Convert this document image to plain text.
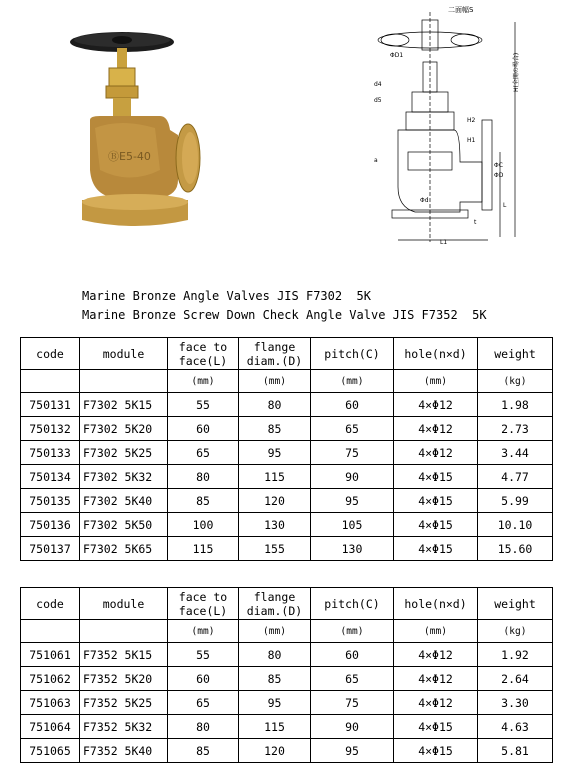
ⒷE5-40
二面幅S
ΦD1
d4
d5
a
H(全開の場合)
ΦC
ΦD
H2
H1
L
L1
t
Φd
Marine Bronze Angle Valves JIS F7302  5K
Marine Bronze Screw Down Check Angle Valve JIS F7352  5K
code	module	face to
face(L)	flange
diam.(D)	pitch(C)	hole(n×d)	weight
		(mm)	(mm)	(mm)	(mm)	(kg)
750131	F7302 5K15	55	80	60	4×Φ12	1.98
750132	F7302 5K20	60	85	65	4×Φ12	2.73
750133	F7302 5K25	65	95	75	4×Φ12	3.44
750134	F7302 5K32	80	115	90	4×Φ15	4.77
750135	F7302 5K40	85	120	95	4×Φ15	5.99
750136	F7302 5K50	100	130	105	4×Φ15	10.10
750137	F7302 5K65	115	155	130	4×Φ15	15.60
code	module	face to
face(L)	flange
diam.(D)	pitch(C)	hole(n×d)	weight
		(mm)	(mm)	(mm)	(mm)	(kg)
751061	F7352 5K15	55	80	60	4×Φ12	1.92
751062	F7352 5K20	60	85	65	4×Φ12	2.64
751063	F7352 5K25	65	95	75	4×Φ12	3.30
751064	F7352 5K32	80	115	90	4×Φ15	4.63
751065	F7352 5K40	85	120	95	4×Φ15	5.81
